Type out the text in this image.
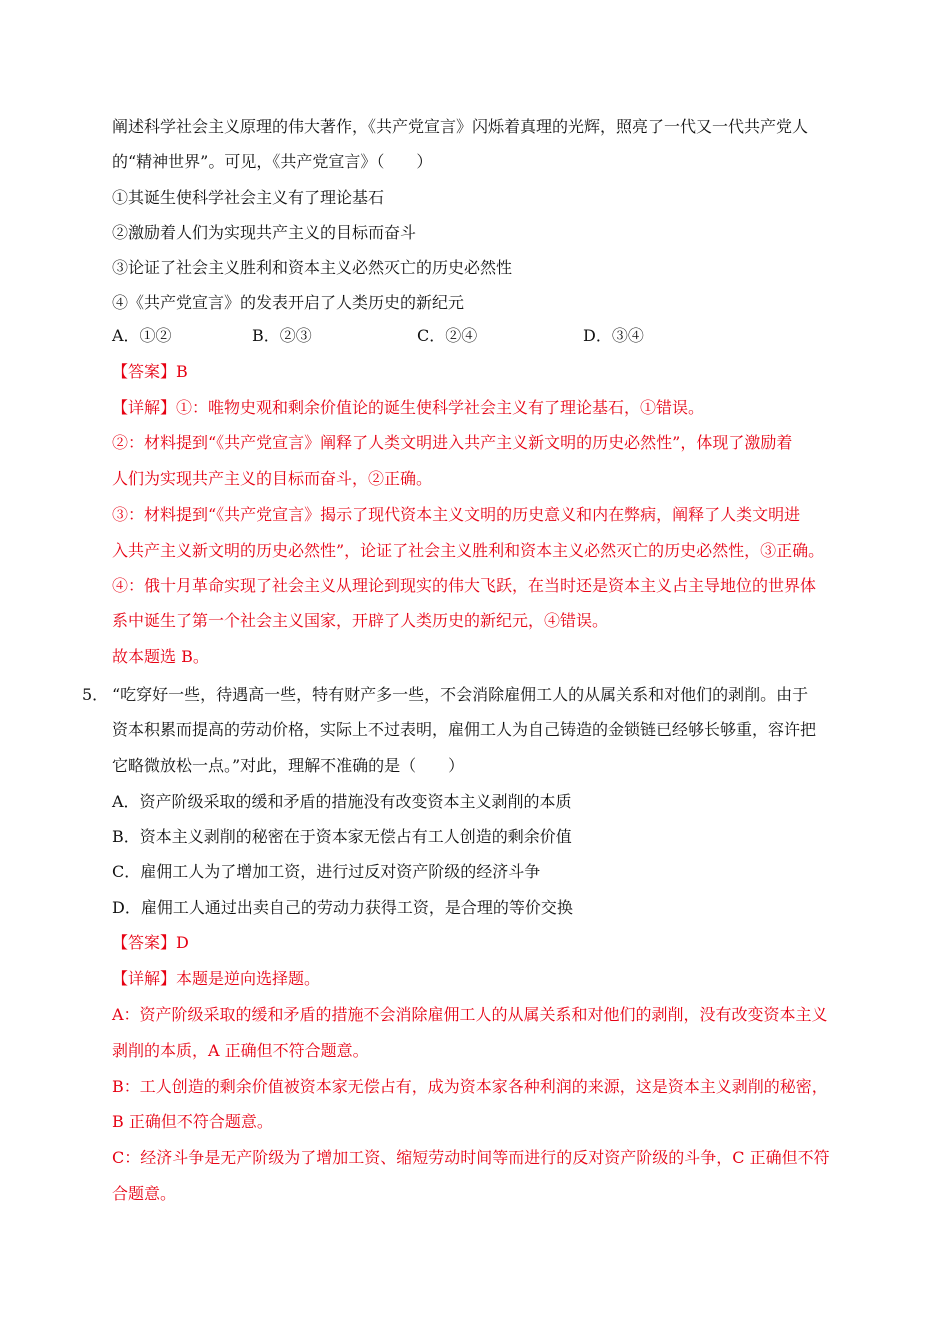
阐述科学社会主义原理的伟大著作，《共产党宣言》闪烁着真理的光辉，照亮了一代又一代共产党人
的“精神世界”。可见，《共产党宣言》（　　）
①其诞生使科学社会主义有了理论基石
②激励着人们为实现共产主义的目标而奋斗
③论证了社会主义胜利和资本主义必然灭亡的历史必然性
④《共产党宣言》的发表开启了人类历史的新纪元
A．①②	B．②③	C．②④	D．③④
【答案】B
【详解】①：唯物史观和剩余价值论的诞生使科学社会主义有了理论基石，①错误。
②：材料提到“《共产党宣言》阐释了人类文明进入共产主义新文明的历史必然性”，体现了激励着
人们为实现共产主义的目标而奋斗，②正确。
③：材料提到“《共产党宣言》揭示了现代资本主义文明的历史意义和内在弊病，阐释了人类文明进
入共产主义新文明的历史必然性”，论证了社会主义胜利和资本主义必然灭亡的历史必然性，③正确。
④：俄十月革命实现了社会主义从理论到现实的伟大飞跃，在当时还是资本主义占主导地位的世界体
系中诞生了第一个社会主义国家，开辟了人类历史的新纪元，④错误。
故本题选 B。
5． “吃穿好一些，待遇高一些，特有财产多一些，不会消除雇佣工人的从属关系和对他们的剥削。由于
资本积累而提高的劳动价格，实际上不过表明，雇佣工人为自己铸造的金锁链已经够长够重，容许把
它略微放松一点。”对此，理解不准确的是（　　）
A．资产阶级采取的缓和矛盾的措施没有改变资本主义剥削的本质
B．资本主义剥削的秘密在于资本家无偿占有工人创造的剩余价值
C．雇佣工人为了增加工资，进行过反对资产阶级的经济斗争
D．雇佣工人通过出卖自己的劳动力获得工资，是合理的等价交换
【答案】D
【详解】本题是逆向选择题。
A：资产阶级采取的缓和矛盾的措施不会消除雇佣工人的从属关系和对他们的剥削，没有改变资本主义
剥削的本质，A 正确但不符合题意。
B：工人创造的剩余价值被资本家无偿占有，成为资本家各种利润的来源，这是资本主义剥削的秘密，
B 正确但不符合题意。
C：经济斗争是无产阶级为了增加工资、缩短劳动时间等而进行的反对资产阶级的斗争，C 正确但不符
合题意。
